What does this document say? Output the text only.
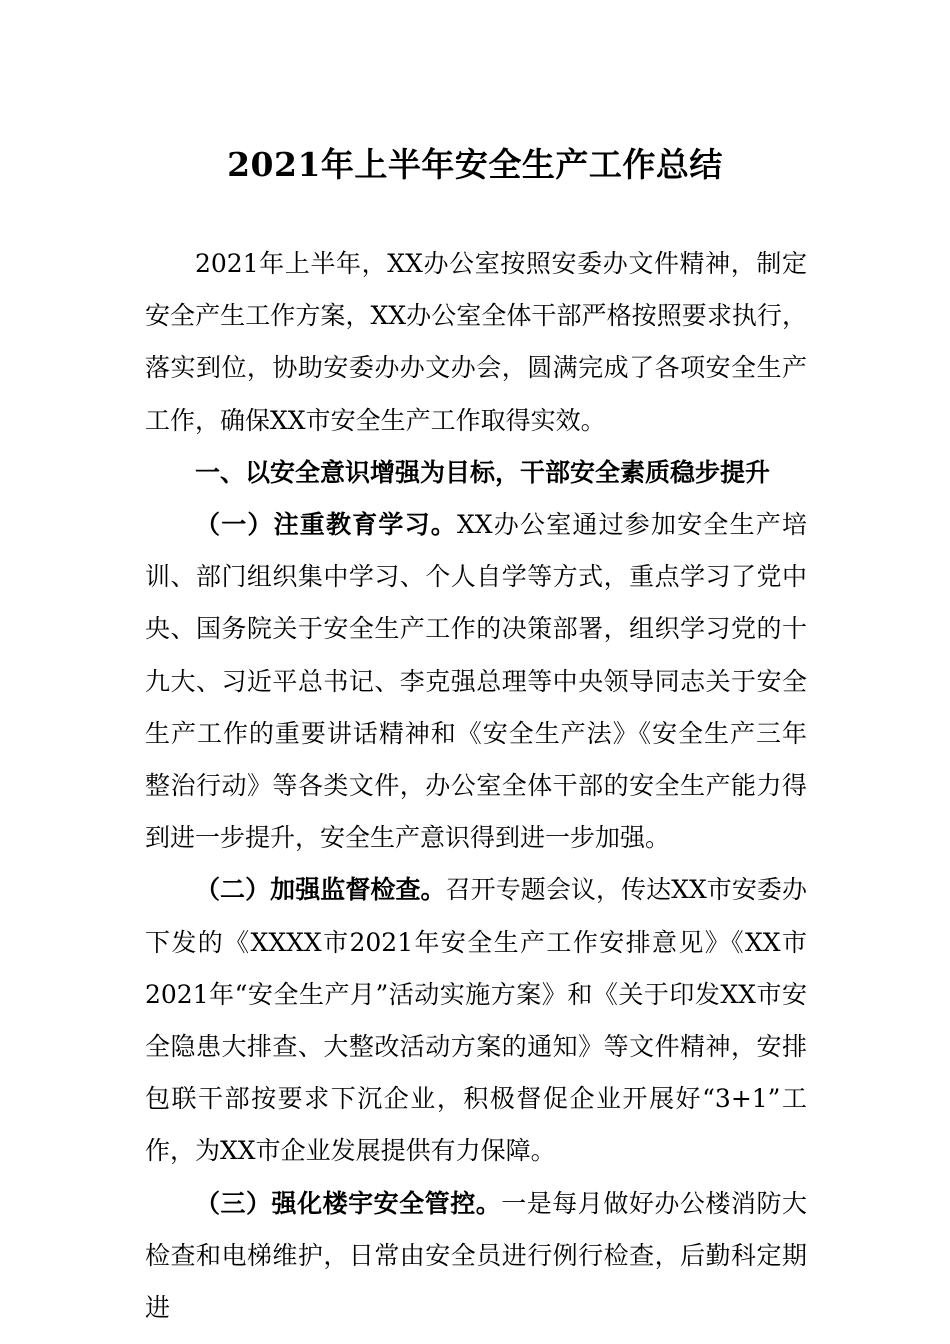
2021年上半年安全生产工作总结

2021年上半年，XX办公室按照安委办文件精神，制定安全产生工作方案，XX办公室全体干部严格按照要求执行，落实到位，协助安委办办文办会，圆满完成了各项安全生产工作，确保XX市安全生产工作取得实效。

一、以安全意识增强为目标，干部安全素质稳步提升

（一）注重教育学习。XX办公室通过参加安全生产培训、部门组织集中学习、个人自学等方式，重点学习了党中央、国务院关于安全生产工作的决策部署，组织学习党的十九大、习近平总书记、李克强总理等中央领导同志关于安全生产工作的重要讲话精神和《安全生产法》《安全生产三年整治行动》等各类文件，办公室全体干部的安全生产能力得到进一步提升，安全生产意识得到进一步加强。

（二）加强监督检查。召开专题会议，传达XX市安委办下发的《XXXX市2021年安全生产工作安排意见》《XX市2021年“安全生产月”活动实施方案》和《关于印发XX市安全隐患大排查、大整改活动方案的通知》等文件精神，安排包联干部按要求下沉企业，积极督促企业开展好“3+1”工作，为XX市企业发展提供有力保障。

（三）强化楼宇安全管控。一是每月做好办公楼消防大检查和电梯维护，日常由安全员进行例行检查，后勤科定期进
